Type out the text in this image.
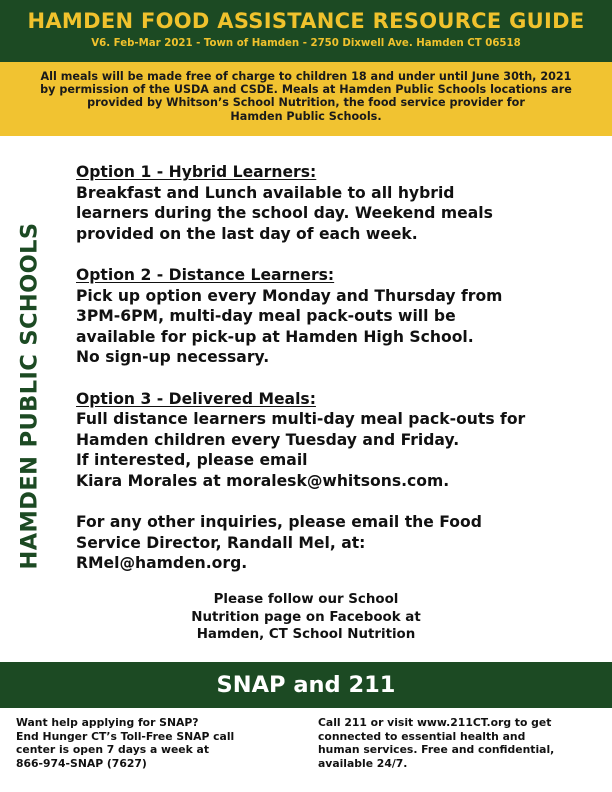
HAMDEN FOOD ASSISTANCE RESOURCE GUIDE
V6. Feb-Mar 2021 - Town of Hamden - 2750 Dixwell Ave. Hamden CT 06518
All meals will be made free of charge to children 18 and under until June 30th, 2021
by permission of the USDA and CSDE. Meals at Hamden Public Schools locations are
provided by Whitson’s School Nutrition, the food service provider for
Hamden Public Schools.
HAMDEN PUBLIC SCHOOLS

Option 1 - Hybrid Learners:

Breakfast and Lunch available to all hybrid

learners during the school day. Weekend meals

provided on the last day of each week.

Option 2 - Distance Learners:

Pick up option every Monday and Thursday from

3PM-6PM, multi-day meal pack-outs will be

available for pick-up at Hamden High School.

No sign-up necessary.

Option 3 - Delivered Meals:

Full distance learners multi-day meal pack-outs for

Hamden children every Tuesday and Friday.

If interested, please email

Kiara Morales at moralesk@whitsons.com.

For any other inquiries, please email the Food

Service Director, Randall Mel, at:

RMel@hamden.org.

Please follow our School
Nutrition page on Facebook at
Hamden, CT School Nutrition
SNAP and 211
Want help applying for SNAP?
End Hunger CT’s Toll-Free SNAP call
center is open 7 days a week at
866-974-SNAP (7627)
Call 211 or visit www.211CT.org to get
connected to essential health and
human services. Free and confidential,
available 24/7.
